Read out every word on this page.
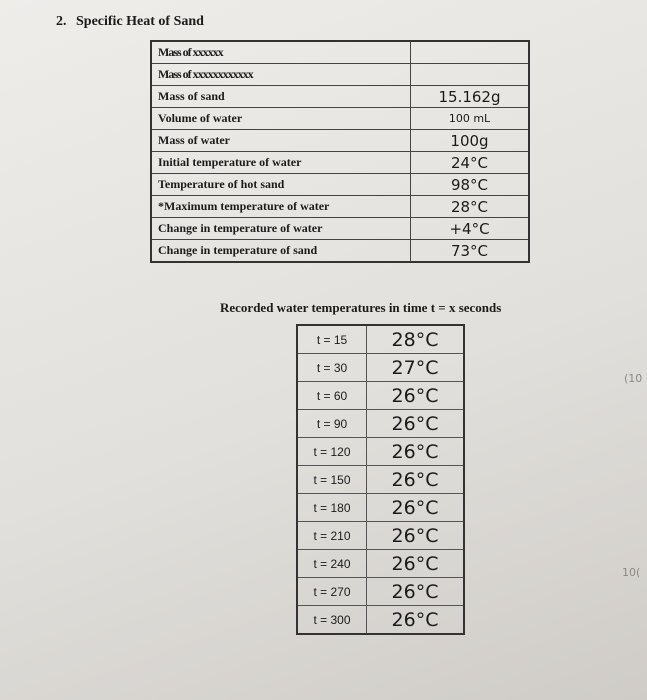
2. Specific Heat of Sand
Mass of xxxxxx	
Mass of xxxxxxxxxxxx	
Mass of sand	15.162g
Volume of water	100 mL
Mass of water	100g
Initial temperature of water	24°C
Temperature of hot sand	98°C
*Maximum temperature of water	28°C
Change in temperature of water	+4°C
Change in temperature of sand	73°C
Recorded water temperatures in time t = x seconds
t = 15	28°C
t = 30	27°C
t = 60	26°C
t = 90	26°C
t = 120	26°C
t = 150	26°C
t = 180	26°C
t = 210	26°C
t = 240	26°C
t = 270	26°C
t = 300	26°C
(10
10(
